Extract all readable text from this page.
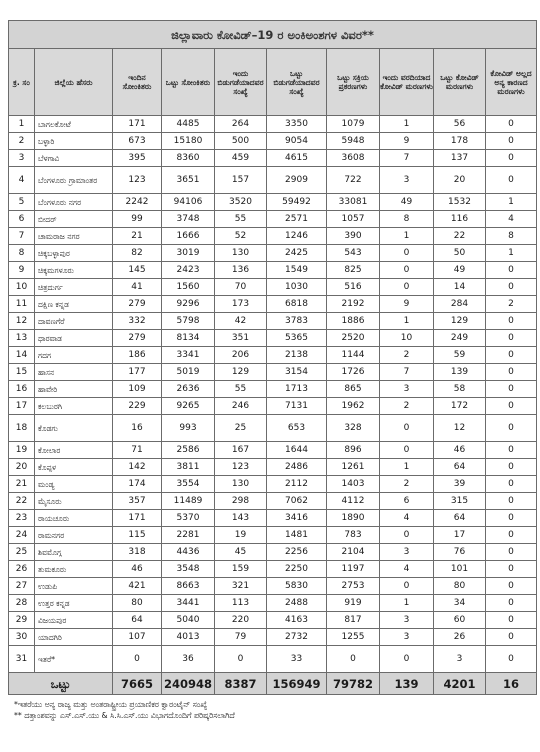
ಜಿಲ್ಲಾವಾರು ಕೋವಿಡ್–19 ರ ಅಂಕಿಅಂಶಗಳ ವಿವರ**									
ಕ್ರ. ಸಂ	ಜಿಲ್ಲೆಯ ಹೆಸರು	ಇಂದಿನ ಸೋಂಕಿತರು	ಒಟ್ಟು ಸೋಂಕಿತರು	ಇಂದು ಬಿಡುಗಡೆಯಾದವರ ಸಂಖ್ಯೆ	ಒಟ್ಟು ಬಿಡುಗಡೆಯಾದವರ ಸಂಖ್ಯೆ	ಒಟ್ಟು ಸಕ್ರಿಯ ಪ್ರಕರಣಗಳು	ಇಂದು ವರದಿಯಾದ ಕೋವಿಡ್ ಮರಣಗಳು	ಒಟ್ಟು ಕೋವಿಡ್ ಮರಣಗಳು	ಕೋವಿಡ್ ಅಲ್ಲದ ಅನ್ಯ ಕಾರಣದ ಮರಣಗಳು
1	ಬಾಗಲಕೋಟೆ	171	4485	264	3350	1079	1	56	0
2	ಬಳ್ಳಾರಿ	673	15180	500	9054	5948	9	178	0
3	ಬೆಳಗಾವಿ	395	8360	459	4615	3608	7	137	0
4	ಬೆಂಗಳೂರು ಗ್ರಾಮಾಂತರ	123	3651	157	2909	722	3	20	0
5	ಬೆಂಗಳೂರು ನಗರ	2242	94106	3520	59492	33081	49	1532	1
6	ಬೀದರ್	99	3748	55	2571	1057	8	116	4
7	ಚಾಮರಾಜ ನಗರ	21	1666	52	1246	390	1	22	8
8	ಚಿಕ್ಕಬಳ್ಳಾಪುರ	82	3019	130	2425	543	0	50	1
9	ಚಿಕ್ಕಮಗಳೂರು	145	2423	136	1549	825	0	49	0
10	ಚಿತ್ರದುರ್ಗ	41	1560	70	1030	516	0	14	0
11	ದಕ್ಷಿಣ ಕನ್ನಡ	279	9296	173	6818	2192	9	284	2
12	ದಾವಣಗೆರೆ	332	5798	42	3783	1886	1	129	0
13	ಧಾರವಾಡ	279	8134	351	5365	2520	10	249	0
14	ಗದಗ	186	3341	206	2138	1144	2	59	0
15	ಹಾಸನ	177	5019	129	3154	1726	7	139	0
16	ಹಾವೇರಿ	109	2636	55	1713	865	3	58	0
17	ಕಲಬುರಗಿ	229	9265	246	7131	1962	2	172	0
18	ಕೊಡಗು	16	993	25	653	328	0	12	0
19	ಕೋಲಾರ	71	2586	167	1644	896	0	46	0
20	ಕೊಪ್ಪಳ	142	3811	123	2486	1261	1	64	0
21	ಮಂಡ್ಯ	174	3554	130	2112	1403	2	39	0
22	ಮೈಸೂರು	357	11489	298	7062	4112	6	315	0
23	ರಾಯಚೂರು	171	5370	143	3416	1890	4	64	0
24	ರಾಮನಗರ	115	2281	19	1481	783	0	17	0
25	ಶಿವಮೊಗ್ಗ	318	4436	45	2256	2104	3	76	0
26	ತುಮಕೂರು	46	3548	159	2250	1197	4	101	0
27	ಉಡುಪಿ	421	8663	321	5830	2753	0	80	0
28	ಉತ್ತರ ಕನ್ನಡ	80	3441	113	2488	919	1	34	0
29	ವಿಜಯಪುರ	64	5040	220	4163	817	3	60	0
30	ಯಾದಗಿರಿ	107	4013	79	2732	1255	3	26	0
31	ಇತರೆ*	0	36	0	33	0	0	3	0
ಒಟ್ಟು		7665	240948	8387	156949	79782	139	4201	16
*ಇತರೆಯು ಅನ್ಯ ರಾಜ್ಯ ಮತ್ತು ಅಂತರಾಷ್ಟ್ರೀಯ ಪ್ರಯಾಣಿಕರ ಕ್ವಾರಂಟೈನ್ ಸಂಖ್ಯೆ
** ದತ್ತಾಂಶವನ್ನು ಎಸ್.ಎಸ್.ಯು & ಸಿ.ಸಿ.ಎಸ್.ಯು ವಿಭಾಗದೊಂದಿಗೆ ಪರಿಷ್ಕರಿಸಲಾಗಿದೆ
